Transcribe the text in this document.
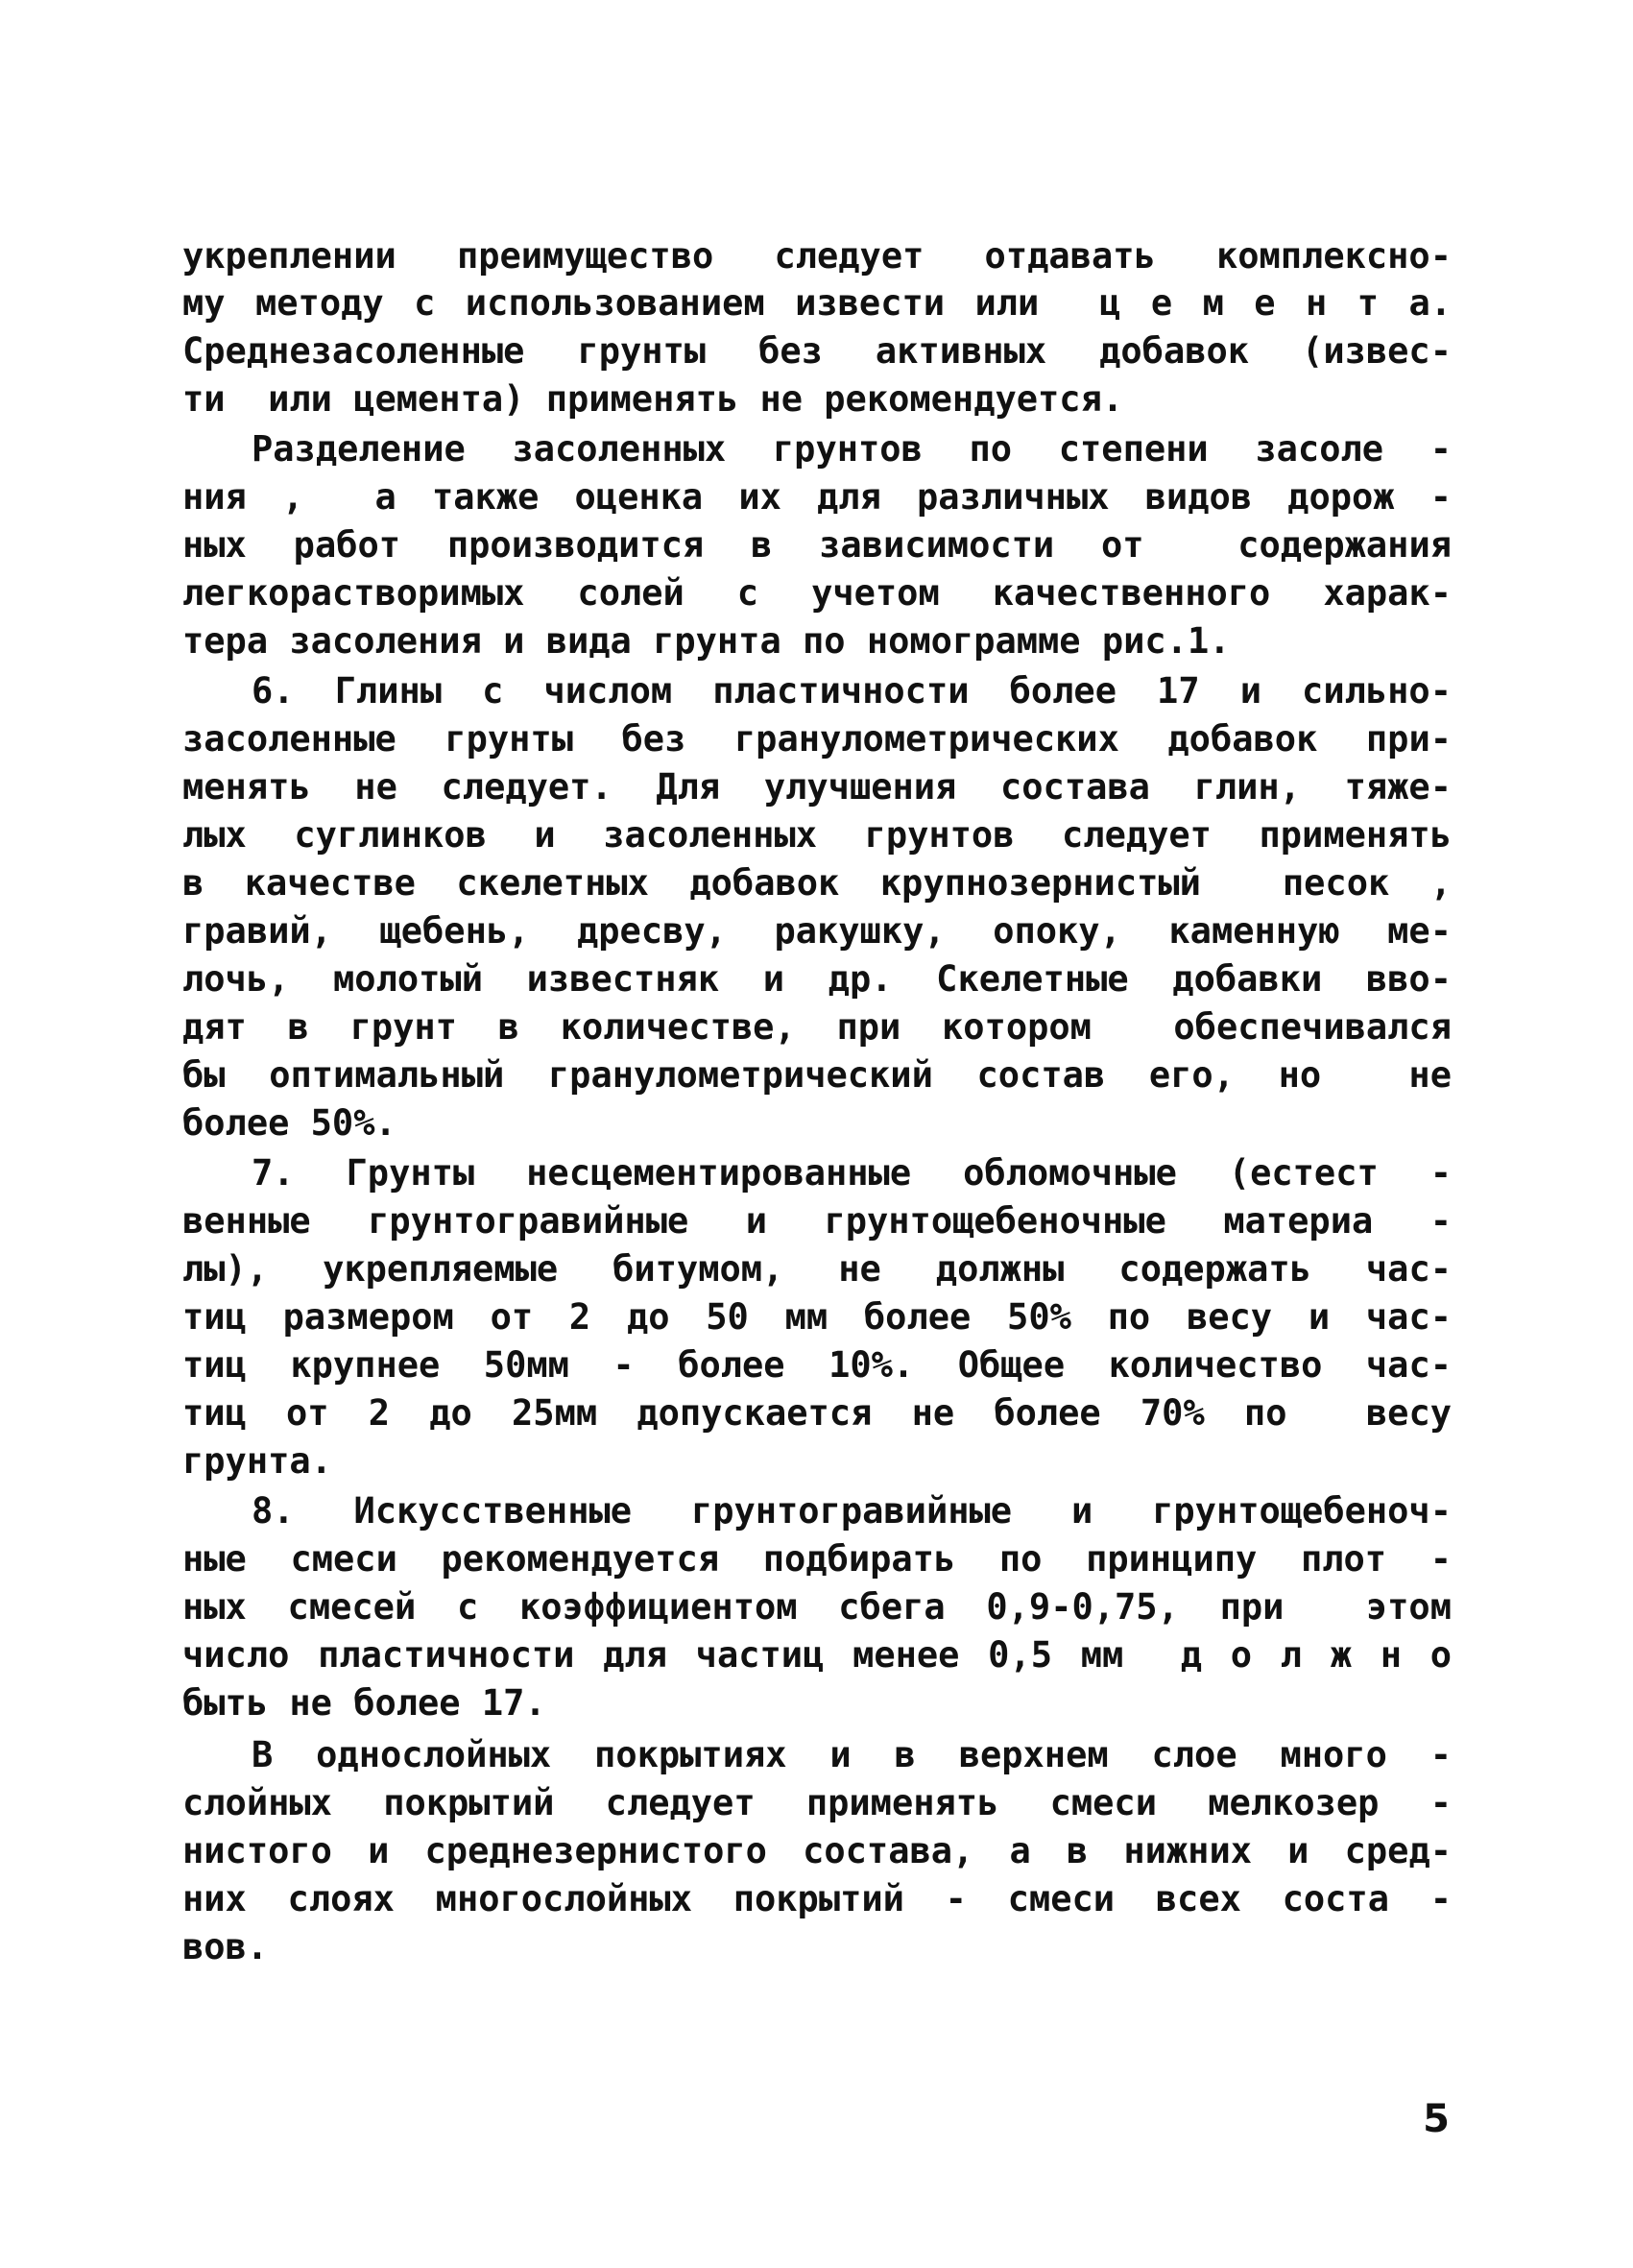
укреплении преимущество следует отдавать комплексно-
му методу с использованием извести или  ц е м е н т а.
Среднезасоленные грунты без активных добавок (извес-
ти  или цемента) применять не рекомендуется.
Разделение засоленных грунтов по степени засоле -
ния ,  а также оценка их для различных видов дорож -
ных работ производится в зависимости от  содержания
легкорастворимых солей с учетом качественного харак-
тера засоления и вида грунта по номограмме рис.1.
6. Глины с числом пластичности более 17 и сильно-
засоленные грунты без гранулометрических добавок при-
менять не следует. Для улучшения состава глин, тяже-
лых суглинков и засоленных грунтов следует применять
в качестве скелетных добавок крупнозернистый  песок ,
гравий, щебень, дресву, ракушку, опоку, каменную ме-
лочь, молотый известняк и др. Скелетные добавки вво-
дят в грунт в количестве, при котором  обеспечивался
бы оптимальный гранулометрический состав его, но  не
более 50%.
7. Грунты несцементированные обломочные (естест -
венные грунтогравийные и грунтощебеночные материа -
лы), укрепляемые битумом, не должны содержать час-
тиц размером от 2 до 50 мм более 50% по весу и час-
тиц крупнее 50мм - более 10%. Общее количество час-
тиц от 2 до 25мм допускается не более 70% по  весу
грунта.
8. Искусственные грунтогравийные и грунтощебеноч-
ные смеси рекомендуется подбирать по принципу плот -
ных смесей с коэффициентом сбега 0,9-0,75, при  этом
число пластичности для частиц менее 0,5 мм  д о л ж н о
быть не более 17.
В однослойных покрытиях и в верхнем слое много -
слойных покрытий следует применять смеси мелкозер -
нистого и среднезернистого состава, а в нижних и сред-
них слоях многослойных покрытий - смеси всех соста -
вов.
5
